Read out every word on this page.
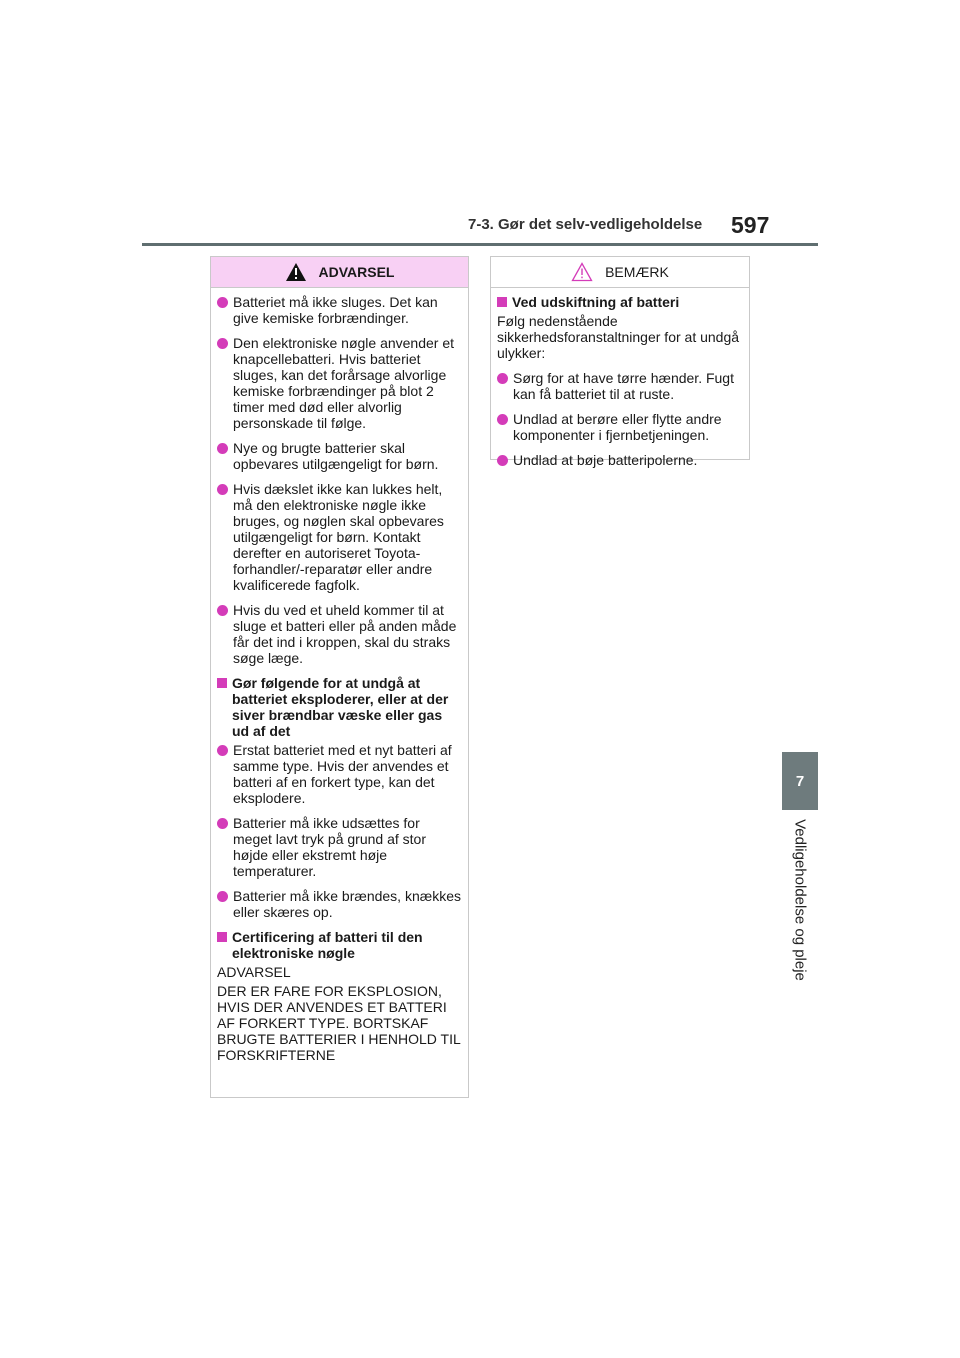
7-3. Gør det selv-vedligeholdelse 597
7
Vedligeholdelse og pleje
ADVARSEL
Batteriet må ikke sluges. Det kan give kemiske forbrændinger.
Den elektroniske nøgle anvender et knapcellebatteri. Hvis batteriet sluges, kan det forårsage alvorlige kemiske forbrændinger på blot 2 timer med død eller alvorlig personskade til følge.
Nye og brugte batterier skal opbevares utilgængeligt for børn.
Hvis dækslet ikke kan lukkes helt, må den elektroniske nøgle ikke bruges, og nøglen skal opbevares utilgængeligt for børn. Kontakt derefter en autoriseret Toyota-forhandler/-reparatør eller andre kvalificerede fagfolk.
Hvis du ved et uheld kommer til at sluge et batteri eller på anden måde får det ind i kroppen, skal du straks søge læge.
Gør følgende for at undgå at batteriet eksploderer, eller at der siver brændbar væske eller gas ud af det
Erstat batteriet med et nyt batteri af samme type. Hvis der anvendes et batteri af en forkert type, kan det eksplodere.
Batterier må ikke udsættes for meget lavt tryk på grund af stor højde eller ekstremt høje temperaturer.
Batterier må ikke brændes, knækkes eller skæres op.
Certificering af batteri til den elektroniske nøgle
ADVARSEL
DER ER FARE FOR EKSPLOSION, HVIS DER ANVENDES ET BATTERI AF FORKERT TYPE. BORTSKAF BRUGTE BATTERIER I HENHOLD TIL FORSKRIFTERNE
BEMÆRK
Ved udskiftning af batteri
Følg nedenstående sikkerhedsforanstaltninger for at undgå ulykker:
Sørg for at have tørre hænder. Fugt kan få batteriet til at ruste.
Undlad at berøre eller flytte andre komponenter i fjernbetjeningen.
Undlad at bøje batteripolerne.
